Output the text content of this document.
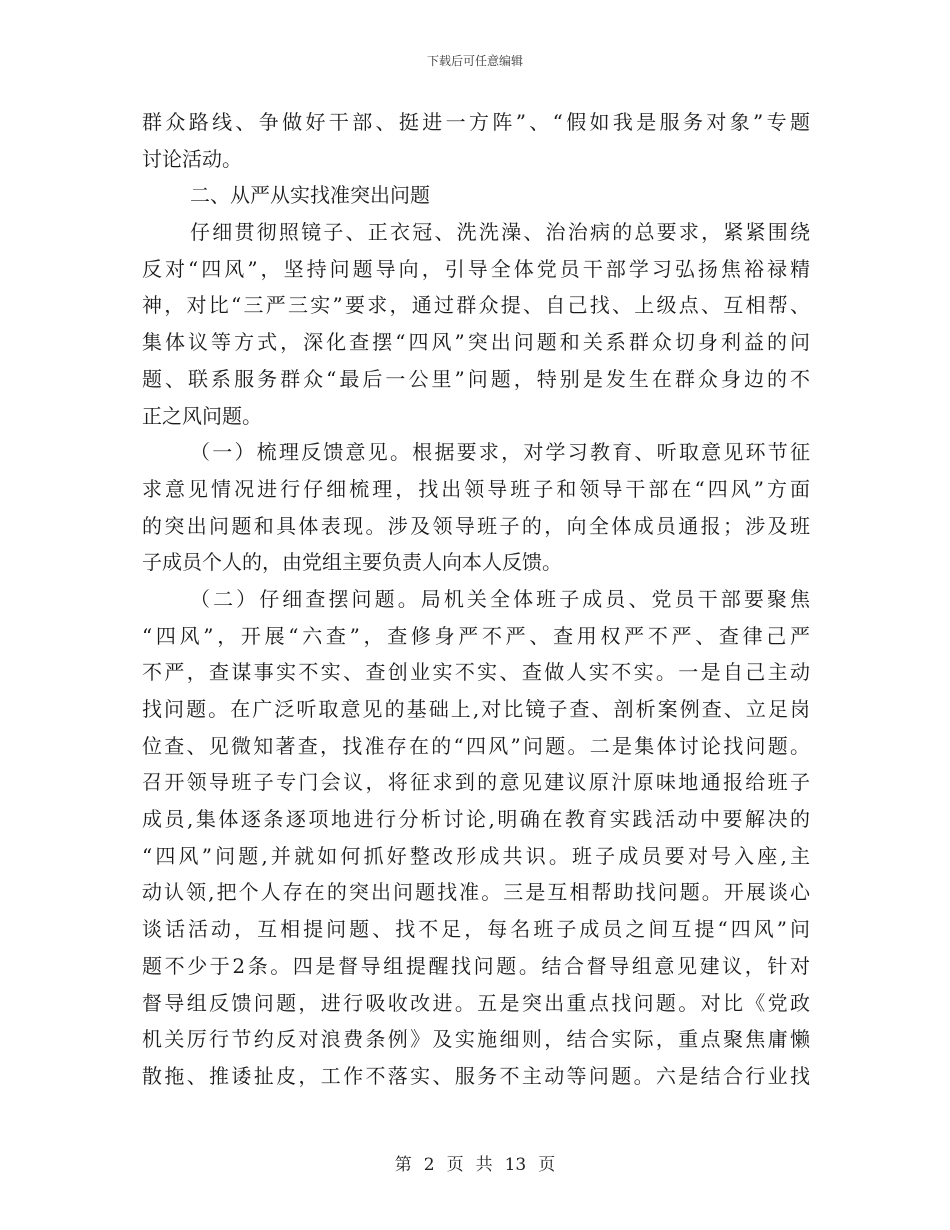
下载后可任意编辑
群众路线、争做好干部、挺进一方阵”、“假如我是服务对象”专题
讨论活动。
二、从严从实找准突出问题
仔细贯彻照镜子、正衣冠、洗洗澡、治治病的总要求，紧紧围绕
反对“四风”，坚持问题导向，引导全体党员干部学习弘扬焦裕禄精
神，对比“三严三实”要求，通过群众提、自己找、上级点、互相帮、
集体议等方式，深化查摆“四风”突出问题和关系群众切身利益的问
题、联系服务群众“最后一公里”问题，特别是发生在群众身边的不
正之风问题。
（一）梳理反馈意见。根据要求，对学习教育、听取意见环节征
求意见情况进行仔细梳理，找出领导班子和领导干部在“四风”方面
的突出问题和具体表现。涉及领导班子的，向全体成员通报；涉及班
子成员个人的，由党组主要负责人向本人反馈。
（二）仔细查摆问题。局机关全体班子成员、党员干部要聚焦
“四风”，开展“六查”，查修身严不严、查用权严不严、查律己严
不严，查谋事实不实、查创业实不实、查做人实不实。一是自己主动
找问题。在广泛听取意见的基础上,对比镜子查、剖析案例查、立足岗
位查、见微知著查，找准存在的“四风”问题。二是集体讨论找问题。
召开领导班子专门会议，将征求到的意见建议原汁原味地通报给班子
成员,集体逐条逐项地进行分析讨论,明确在教育实践活动中要解决的
“四风”问题,并就如何抓好整改形成共识。班子成员要对号入座,主
动认领,把个人存在的突出问题找准。三是互相帮助找问题。开展谈心
谈话活动，互相提问题、找不足，每名班子成员之间互提“四风”问
题不少于2条。四是督导组提醒找问题。结合督导组意见建议，针对
督导组反馈问题，进行吸收改进。五是突出重点找问题。对比《党政
机关厉行节约反对浪费条例》及实施细则，结合实际，重点聚焦庸懒
散拖、推诿扯皮，工作不落实、服务不主动等问题。六是结合行业找
第 2 页 共 13 页
